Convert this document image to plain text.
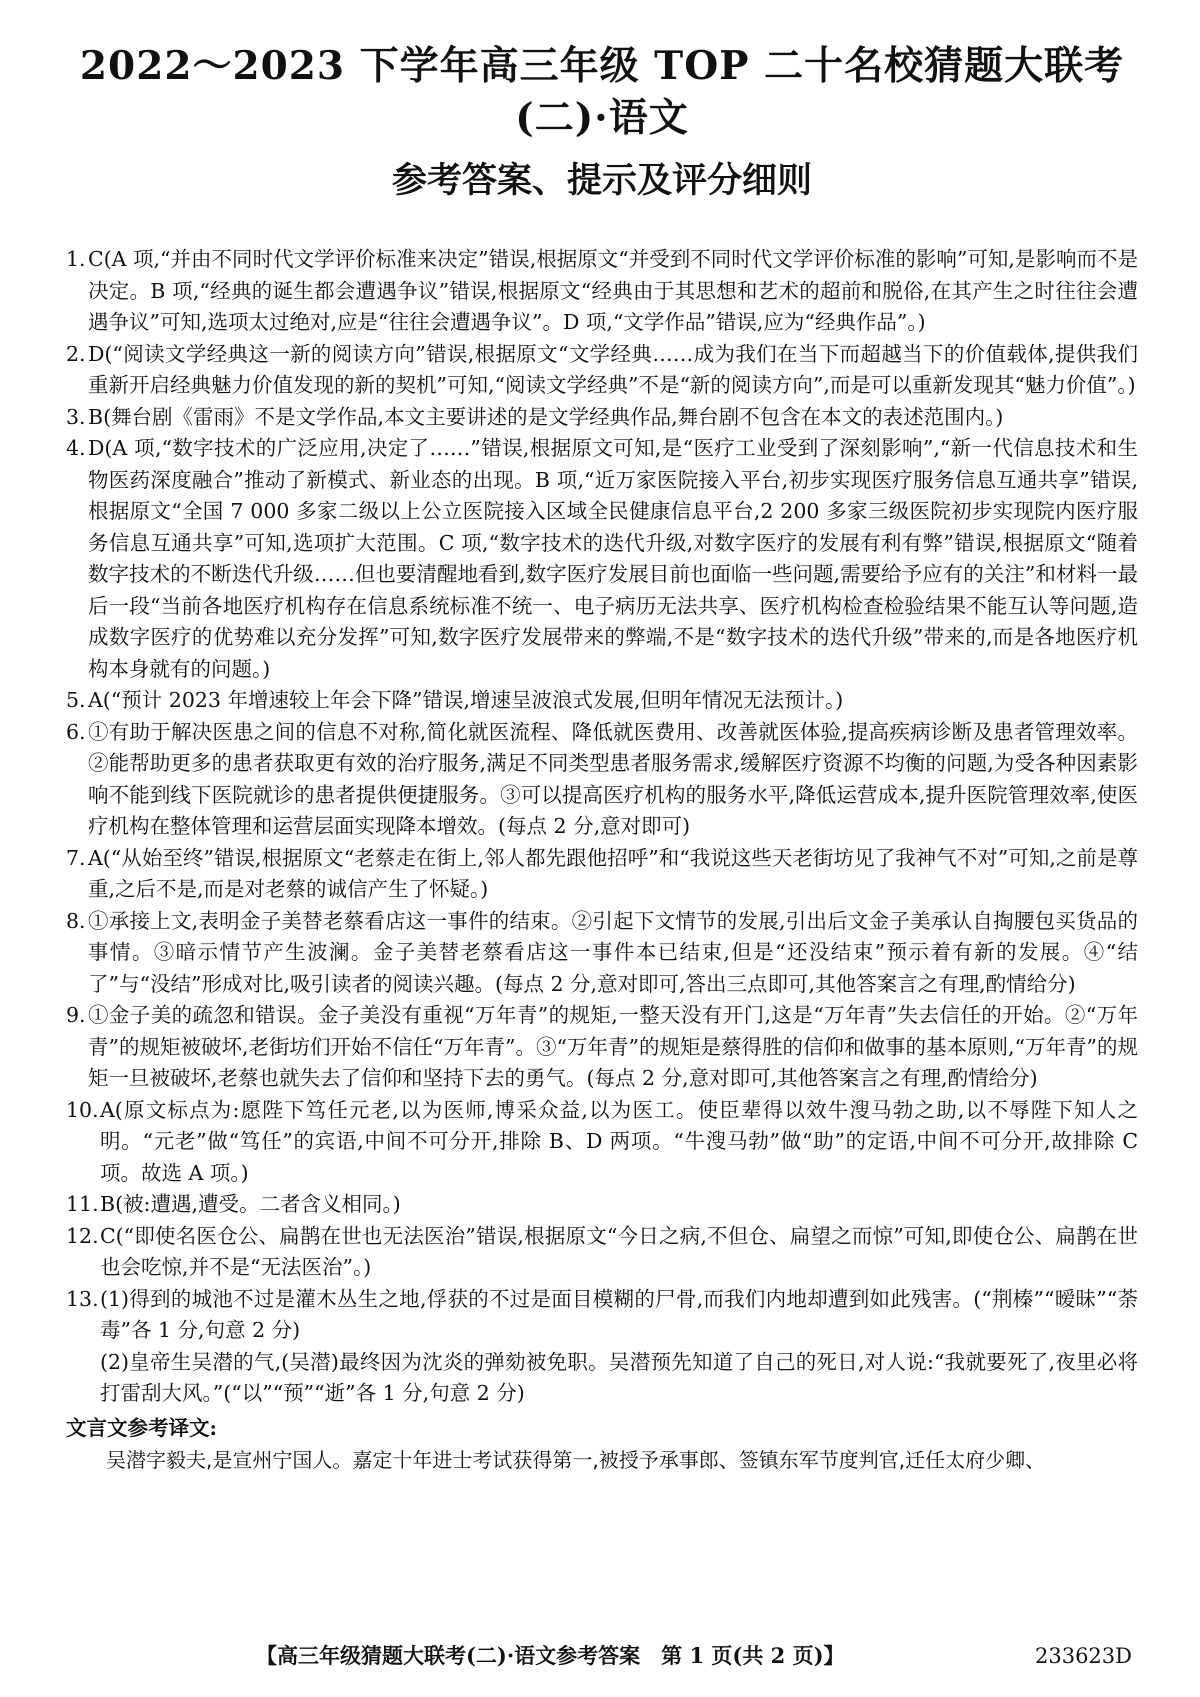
2022～2023 下学年高三年级 TOP 二十名校猜题大联考(二)·语文
参考答案、提示及评分细则
1. C(A 项,“并由不同时代文学评价标准来决定”错误,根据原文“并受到不同时代文学评价标准的影响”可知,是影响而不是决定。B 项,“经典的诞生都会遭遇争议”错误,根据原文“经典由于其思想和艺术的超前和脱俗,在其产生之时往往会遭遇争议”可知,选项太过绝对,应是“往往会遭遇争议”。D 项,“文学作品”错误,应为“经典作品”。)
2. D(“阅读文学经典这一新的阅读方向”错误,根据原文“文学经典……成为我们在当下而超越当下的价值载体,提供我们重新开启经典魅力价值发现的新的契机”可知,“阅读文学经典”不是“新的阅读方向”,而是可以重新发现其“魅力价值”。)
3. B(舞台剧《雷雨》不是文学作品,本文主要讲述的是文学经典作品,舞台剧不包含在本文的表述范围内。)
4. D(A 项,“数字技术的广泛应用,决定了……”错误,根据原文可知,是“医疗工业受到了深刻影响”,“新一代信息技术和生物医药深度融合”推动了新模式、新业态的出现。B 项,“近万家医院接入平台,初步实现医疗服务信息互通共享”错误,根据原文“全国 7 000 多家二级以上公立医院接入区域全民健康信息平台,2 200 多家三级医院初步实现院内医疗服务信息互通共享”可知,选项扩大范围。C 项,“数字技术的迭代升级,对数字医疗的发展有利有弊”错误,根据原文“随着数字技术的不断迭代升级……但也要清醒地看到,数字医疗发展目前也面临一些问题,需要给予应有的关注”和材料一最后一段“当前各地医疗机构存在信息系统标准不统一、电子病历无法共享、医疗机构检查检验结果不能互认等问题,造成数字医疗的优势难以充分发挥”可知,数字医疗发展带来的弊端,不是“数字技术的迭代升级”带来的,而是各地医疗机构本身就有的问题。)
5. A(“预计 2023 年增速较上年会下降”错误,增速呈波浪式发展,但明年情况无法预计。)
6. ①有助于解决医患之间的信息不对称,简化就医流程、降低就医费用、改善就医体验,提高疾病诊断及患者管理效率。②能帮助更多的患者获取更有效的治疗服务,满足不同类型患者服务需求,缓解医疗资源不均衡的问题,为受各种因素影响不能到线下医院就诊的患者提供便捷服务。③可以提高医疗机构的服务水平,降低运营成本,提升医院管理效率,使医疗机构在整体管理和运营层面实现降本增效。(每点 2 分,意对即可)
7. A(“从始至终”错误,根据原文“老蔡走在街上,邻人都先跟他招呼”和“我说这些天老街坊见了我神气不对”可知,之前是尊重,之后不是,而是对老蔡的诚信产生了怀疑。)
8. ①承接上文,表明金子美替老蔡看店这一事件的结束。②引起下文情节的发展,引出后文金子美承认自掏腰包买货品的事情。③暗示情节产生波澜。金子美替老蔡看店这一事件本已结束,但是“还没结束”预示着有新的发展。④“结了”与“没结”形成对比,吸引读者的阅读兴趣。(每点 2 分,意对即可,答出三点即可,其他答案言之有理,酌情给分)
9. ①金子美的疏忽和错误。金子美没有重视“万年青”的规矩,一整天没有开门,这是“万年青”失去信任的开始。②“万年青”的规矩被破坏,老街坊们开始不信任“万年青”。③“万年青”的规矩是蔡得胜的信仰和做事的基本原则,“万年青”的规矩一旦被破坏,老蔡也就失去了信仰和坚持下去的勇气。(每点 2 分,意对即可,其他答案言之有理,酌情给分)
10. A(原文标点为:愿陛下笃任元老,以为医师,博采众益,以为医工。使臣辈得以效牛溲马勃之助,以不辱陛下知人之明。“元老”做“笃任”的宾语,中间不可分开,排除 B、D 两项。“牛溲马勃”做“助”的定语,中间不可分开,故排除 C 项。故选 A 项。)
11. B(被:遭遇,遭受。二者含义相同。)
12. C(“即使名医仓公、扁鹊在世也无法医治”错误,根据原文“今日之病,不但仓、扁望之而惊”可知,即使仓公、扁鹊在世也会吃惊,并不是“无法医治”。)
13. (1)得到的城池不过是灌木丛生之地,俘获的不过是面目模糊的尸骨,而我们内地却遭到如此残害。(“荆榛”“暧昧”“荼毒”各 1 分,句意 2 分)

(2)皇帝生吴潜的气,(吴潜)最终因为沈炎的弹劾被免职。吴潜预先知道了自己的死日,对人说:“我就要死了,夜里必将打雷刮大风。”(“以”“预”“逝”各 1 分,句意 2 分)

文言文参考译文:

吴潜字毅夫,是宣州宁国人。嘉定十年进士考试获得第一,被授予承事郎、签镇东军节度判官,迁任太府少卿、

【高三年级猜题大联考(二)·语文参考答案　第 1 页(共 2 页)】	233623D
